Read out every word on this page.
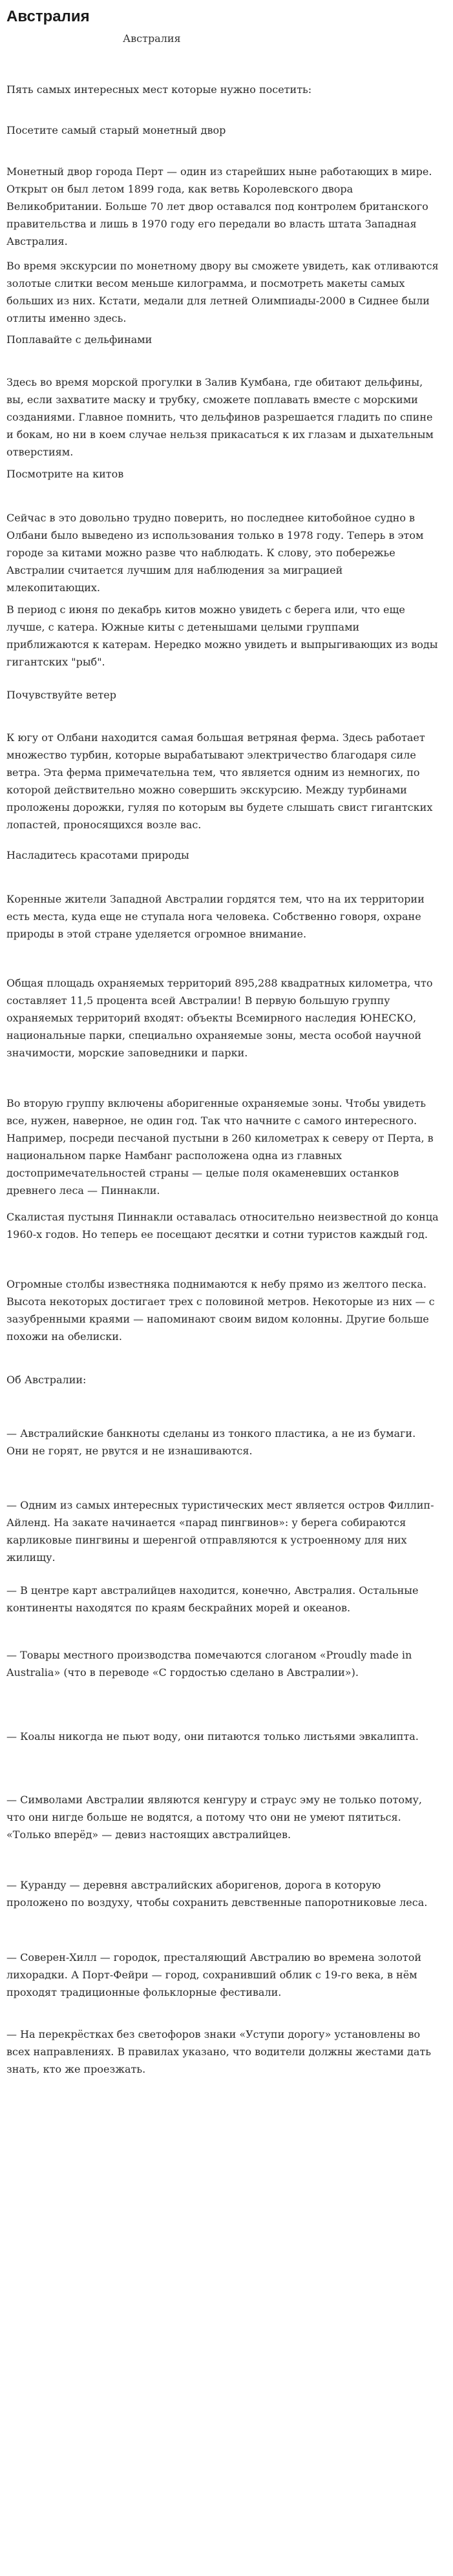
Австралия
Австралия

Пять самых интересных мест которые нужно посетить:

Посетите самый старый монетный двор

Монетный двор города Перт — один из старейших ныне работающих в мире. Открыт он был летом 1899 года, как ветвь Королевского двора Великобритании. Больше 70 лет двор оставался под контролем британского правительства и лишь в 1970 году его передали во власть штата Западная Австралия.

Во время экскурсии по монетному двору вы сможете увидеть, как отливаются золотые слитки весом меньше килограмма, и посмотреть макеты самых больших из них. Кстати, медали для летней Олимпиады-2000 в Сиднее были отлиты именно здесь.

Поплавайте с дельфинами

Здесь во время морской прогулки в Залив Кумбана, где обитают дельфины, вы, если захватите маску и трубку, сможете поплавать вместе с морскими созданиями. Главное помнить, что дельфинов разрешается гладить по спине и бокам, но ни в коем случае нельзя прикасаться к их глазам и дыхательным отверстиям.

Посмотрите на китов

Сейчас в это довольно трудно поверить, но последнее китобойное судно в Олбани было выведено из использования только в 1978 году. Теперь в этом городе за китами можно разве что наблюдать. К слову, это побережье Австралии считается лучшим для наблюдения за миграцией млекопитающих.

В период с июня по декабрь китов можно увидеть с берега или, что еще лучше, с катера. Южные киты с детенышами целыми группами приближаются к катерам. Нередко можно увидеть и выпрыгивающих из воды гигантских "рыб".

Почувствуйте ветер

К югу от Олбани находится самая большая ветряная ферма. Здесь работает множество турбин, которые вырабатывают электричество благодаря силе ветра. Эта ферма примечательна тем, что является одним из немногих, по которой действительно можно совершить экскурсию. Между турбинами проложены дорожки, гуляя по которым вы будете слышать свист гигантских лопастей, проносящихся возле вас.

Насладитесь красотами природы

Коренные жители Западной Австралии гордятся тем, что на их территории есть места, куда еще не ступала нога человека. Собственно говоря, охране природы в этой стране уделяется огромное внимание.

Общая площадь охраняемых территорий 895,288 квадратных километра, что составляет 11,5 процента всей Австралии! В первую большую группу охраняемых территорий входят: объекты Всемирного наследия ЮНЕСКО, национальные парки, специально охраняемые зоны, места особой научной значимости, морские заповедники и парки.

Во вторую группу включены аборигенные охраняемые зоны. Чтобы увидеть все, нужен, наверное, не один год. Так что начните с самого интересного. Например, посреди песчаной пустыни в 260 километрах к северу от Перта, в национальном парке Намбанг расположена одна из главных достопримечательностей страны — целые поля окаменевших останков древнего леса — Пиннакли.

Скалистая пустыня Пиннакли оставалась относительно неизвестной до конца 1960-х годов. Но теперь ее посещают десятки и сотни туристов каждый год.

Огромные столбы известняка поднимаются к небу прямо из желтого песка. Высота некоторых достигает трех с половиной метров. Некоторые из них — с зазубренными краями — напоминают своим видом колонны. Другие больше похожи на обелиски.

Об Австралии:

— Австралийские банкноты сделаны из тонкого пластика, а не из бумаги. Они не горят, не рвутся и не изнашиваются.

— Одним из самых интересных туристических мест является остров Филлип-Айленд. На закате начинается «парад пингвинов»: у берега собираются карликовые пингвины и шеренгой отправляются к устроенному для них жилищу.

— В центре карт австралийцев находится, конечно, Австралия. Остальные континенты находятся по краям бескрайних морей и океанов.

— Товары местного производства помечаются слоганом «Proudly made in Australia» (что в переводе «С гордостью сделано в Австралии»).

— Коалы никогда не пьют воду, они питаются только листьями эвкалипта.

— Символами Австралии являются кенгуру и страус эму не только потому, что они нигде больше не водятся, а потому что они не умеют пятиться. «Только вперёд» — девиз настоящих австралийцев.

— Куранду — деревня австралийских аборигенов, дорога в которую проложено по воздуху, чтобы сохранить девственные папоротниковые леса.

— Соверен-Хилл — городок, престаляющий Австралию во времена золотой лихорадки. А Порт-Фейри — город, сохранивший облик с 19-го века, в нём проходят традиционные фольклорные фестивали.

— На перекрёстках без светофоров знаки «Уступи дорогу» установлены во всех направлениях. В правилах указано, что водители должны жестами дать знать, кто же проезжать.
